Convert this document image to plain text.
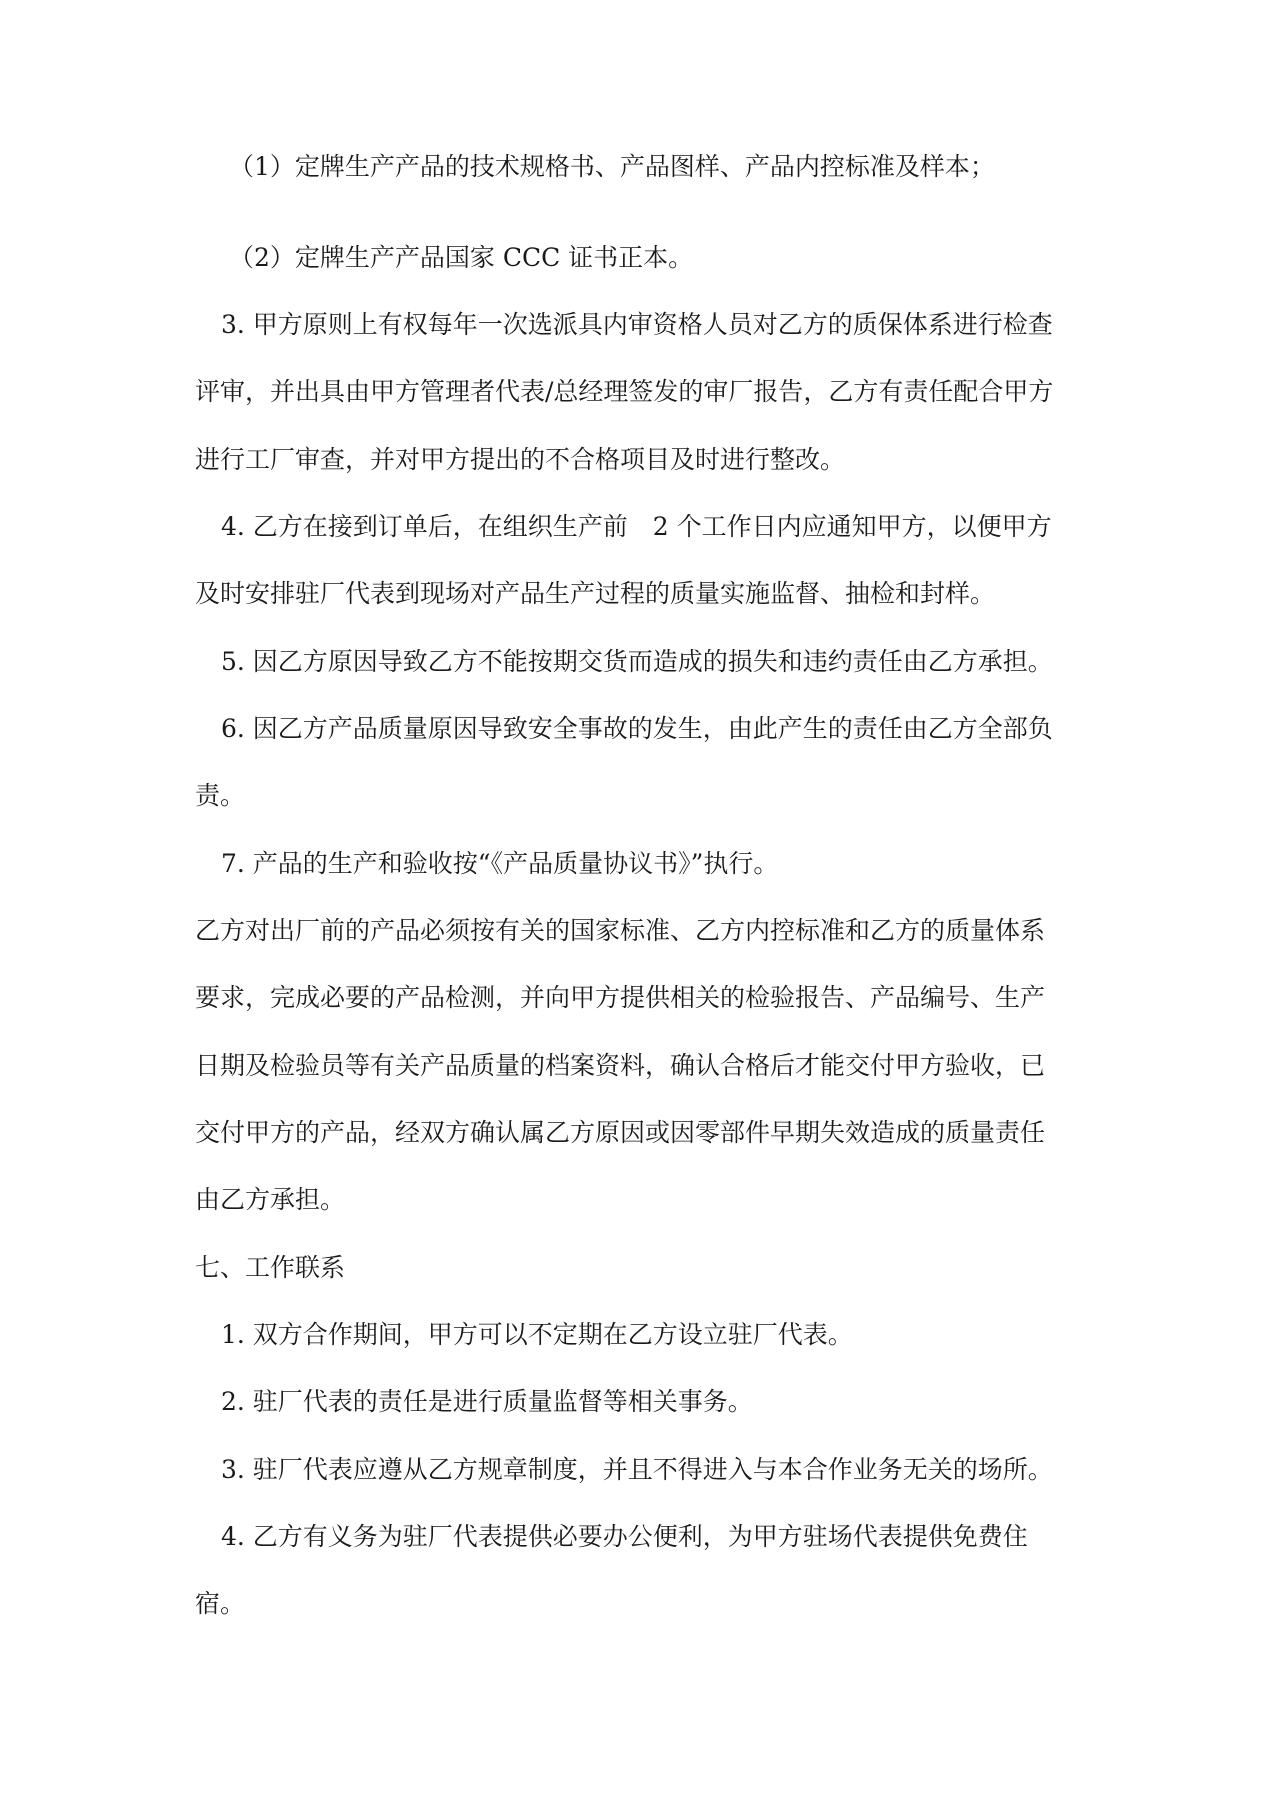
（1）定牌生产产品的技术规格书、产品图样、产品内控标准及样本；

（2）定牌生产产品国家 CCC 证书正本。

3. 甲方原则上有权每年一次选派具内审资格人员对乙方的质保体系进行检查

评审，并出具由甲方管理者代表/总经理签发的审厂报告，乙方有责任配合甲方

进行工厂审查，并对甲方提出的不合格项目及时进行整改。

4. 乙方在接到订单后，在组织生产前　2 个工作日内应通知甲方，以便甲方

及时安排驻厂代表到现场对产品生产过程的质量实施监督、抽检和封样。

5. 因乙方原因导致乙方不能按期交货而造成的损失和违约责任由乙方承担。

6. 因乙方产品质量原因导致安全事故的发生，由此产生的责任由乙方全部负

责。

7. 产品的生产和验收按“《产品质量协议书》”执行。

乙方对出厂前的产品必须按有关的国家标准、乙方内控标准和乙方的质量体系

要求，完成必要的产品检测，并向甲方提供相关的检验报告、产品编号、生产

日期及检验员等有关产品质量的档案资料，确认合格后才能交付甲方验收，已

交付甲方的产品，经双方确认属乙方原因或因零部件早期失效造成的质量责任

由乙方承担。

七、工作联系

1. 双方合作期间，甲方可以不定期在乙方设立驻厂代表。

2. 驻厂代表的责任是进行质量监督等相关事务。

3. 驻厂代表应遵从乙方规章制度，并且不得进入与本合作业务无关的场所。

4. 乙方有义务为驻厂代表提供必要办公便利，为甲方驻场代表提供免费住

宿。
